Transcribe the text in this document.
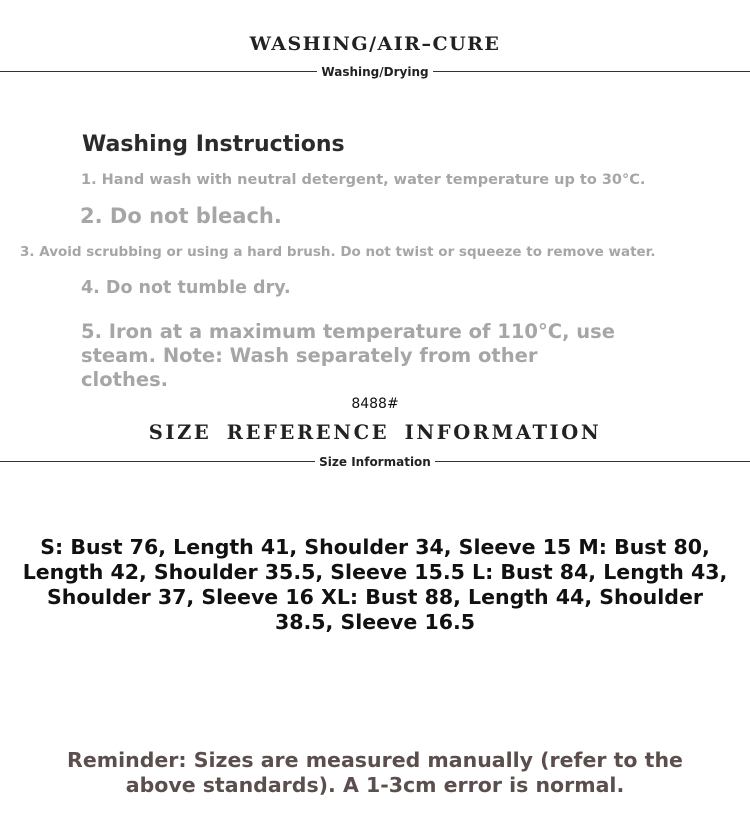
WASHING/AIR–CURE
Washing/Drying
Washing Instructions
1. Hand wash with neutral detergent, water temperature up to 30°C.
2. Do not bleach.
3. Avoid scrubbing or using a hard brush. Do not twist or squeeze to remove water.
4. Do not tumble dry.
5. Iron at a maximum temperature of 110°C, use steam. Note: Wash separately from other clothes.
8488#
SIZE REFERENCE INFORMATION
Size Information
S: Bust 76, Length 41, Shoulder 34, Sleeve 15 M: Bust 80, Length 42, Shoulder 35.5, Sleeve 15.5 L: Bust 84, Length 43, Shoulder 37, Sleeve 16 XL: Bust 88, Length 44, Shoulder 38.5, Sleeve 16.5
Reminder: Sizes are measured manually (refer to the above standards). A 1-3cm error is normal.
